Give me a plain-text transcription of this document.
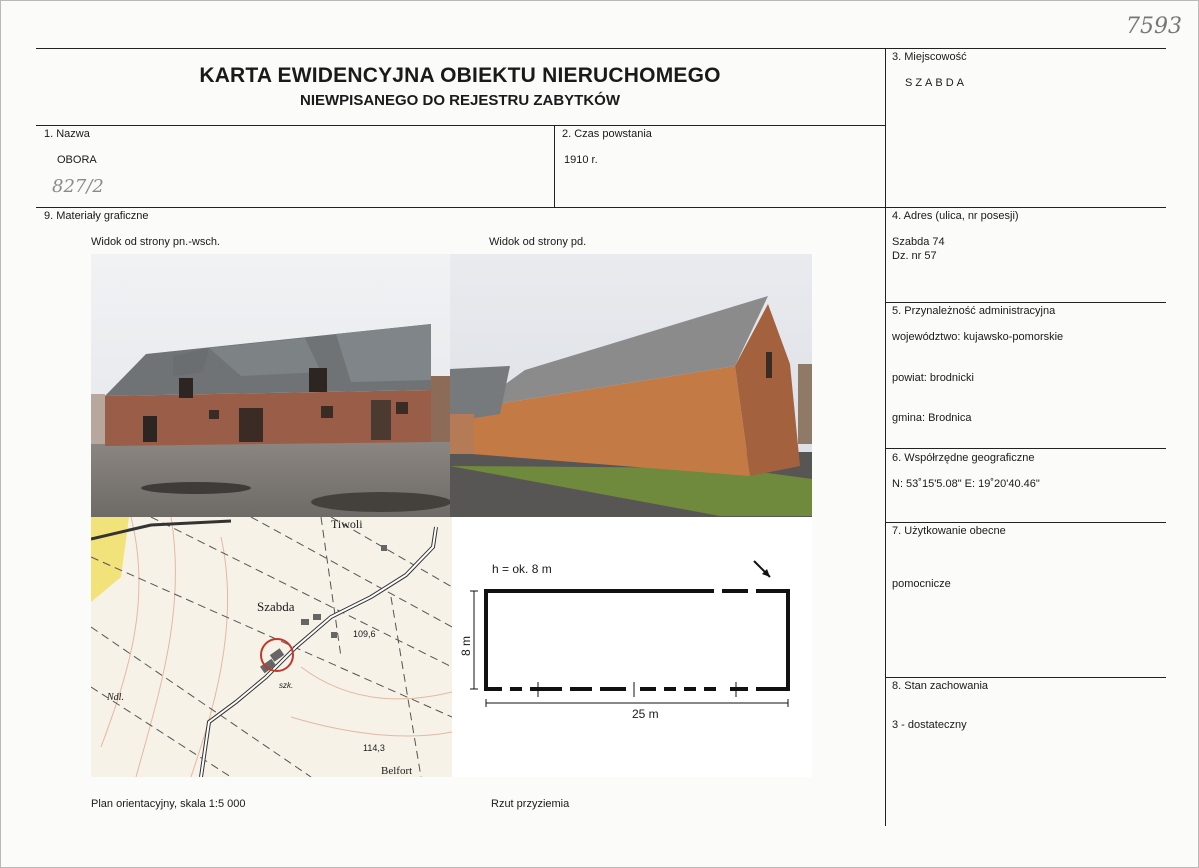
7593
KARTA EWIDENCYJNA OBIEKTU NIERUCHOMEGO
NIEWPISANEGO DO REJESTRU ZABYTKÓW
3. Miejscowość
SZABDA
4. Adres (ulica, nr posesji)
Szabda 74
Dz. nr 57
5. Przynależność administracyjna
województwo: kujawsko-pomorskie
powiat: brodnicki
gmina: Brodnica
6. Współrzędne geograficzne
N: 53˚15'5.08" E: 19˚20'40.46"
7. Użytkowanie obecne
pomocnicze
8. Stan zachowania
3 - dostateczny
1. Nazwa
OBORA
827/2
2. Czas powstania
1910 r.
9. Materiały graficzne
Widok od strony pn.-wsch.	Widok od strony pd.
Plan orientacyjny, skala 1:5 000	Rzut przyziemia
Tiwoli
Szabda
109,6
114,3
Ndl.
Belfort
szk.
h = ok. 8 m
25 m
8 m
